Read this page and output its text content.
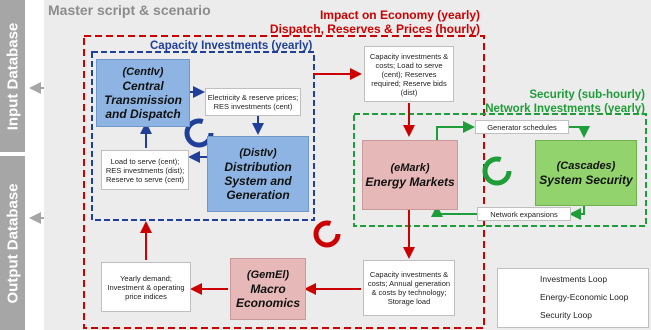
Input Database
Output Database
Master script & scenario	Impact on Economy (yearly)
Dispatch, Reserves & Prices (hourly)
Capacity Investments (yearly)
Security (sub-hourly)
Network Investments (yearly)
(CentIv)
Central Transmission and Dispatch
(DistIv)
Distribution System and Generation
(eMark)
Energy Markets
(Cascades)
System Security
(GemEl)
Macro Economics
Electricity & reserve prices; RES investments (cent)
Load to serve (cent); RES investments (dist); Reserve to serve (cent)
Capacity investments & costs; Load to serve (cent); Reserves required; Reserve bids (dist)
Generator schedules
Network expansions
Capacity investments & costs; Annual generation & costs by technology; Storage load
Yearly demand; Investment & operating price indices
Investments Loop
Energy-Economic Loop
Security Loop
